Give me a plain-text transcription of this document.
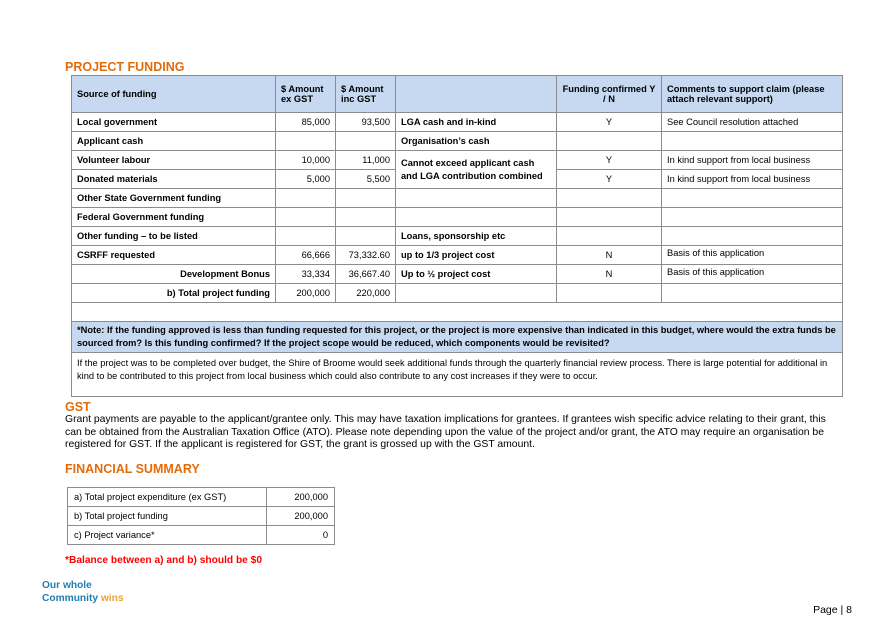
PROJECT FUNDING
Source of funding	$ Amount ex GST	$ Amount inc GST		Funding confirmed Y / N	Comments to support claim (please attach relevant support)
Local government	85,000	93,500	LGA cash and in-kind	Y	See Council resolution attached
Applicant cash			Organisation’s cash		
Volunteer labour	10,000	11,000	Cannot exceed applicant cash and LGA contribution combined	Y	In kind support from local business
Donated materials	5,000	5,500		Y	In kind support from local business
Other State Government funding					
Federal Government funding					
Other funding – to be listed			Loans, sponsorship etc		
CSRFF requested	66,666	73,332.60	up to 1/3 project cost	N	Basis of this application
Development Bonus	33,334	36,667.40	Up to ½ project cost	N	Basis of this application
b) Total project funding	200,000	220,000			

*Note: If the funding approved is less than funding requested for this project, or the project is more expensive than indicated in this budget, where would the extra funds be sourced from? Is this funding confirmed? If the project scope would be reduced, which components would be revisited?					
If the project was to be completed over budget, the Shire of Broome would seek additional funds through the quarterly financial review process. There is large potential for additional in kind to be contributed to this project from local business which could also contribute to any cost increases if they were to occur.					
GST

Grant payments are payable to the applicant/grantee only. This may have taxation implications for grantees. If grantees wish specific advice relating to their grant, this can be obtained from the Australian Taxation Office (ATO). Please note depending upon the value of the project and/or grant, the ATO may require an organisation be registered for GST. If the applicant is registered for GST, the grant is grossed up with the GST amount.

FINANCIAL SUMMARY
a) Total project expenditure (ex GST)	200,000
b) Total project funding	200,000
c) Project variance*	0

*Balance between a) and b) should be $0

Our whole
Community wins
Page | 8
